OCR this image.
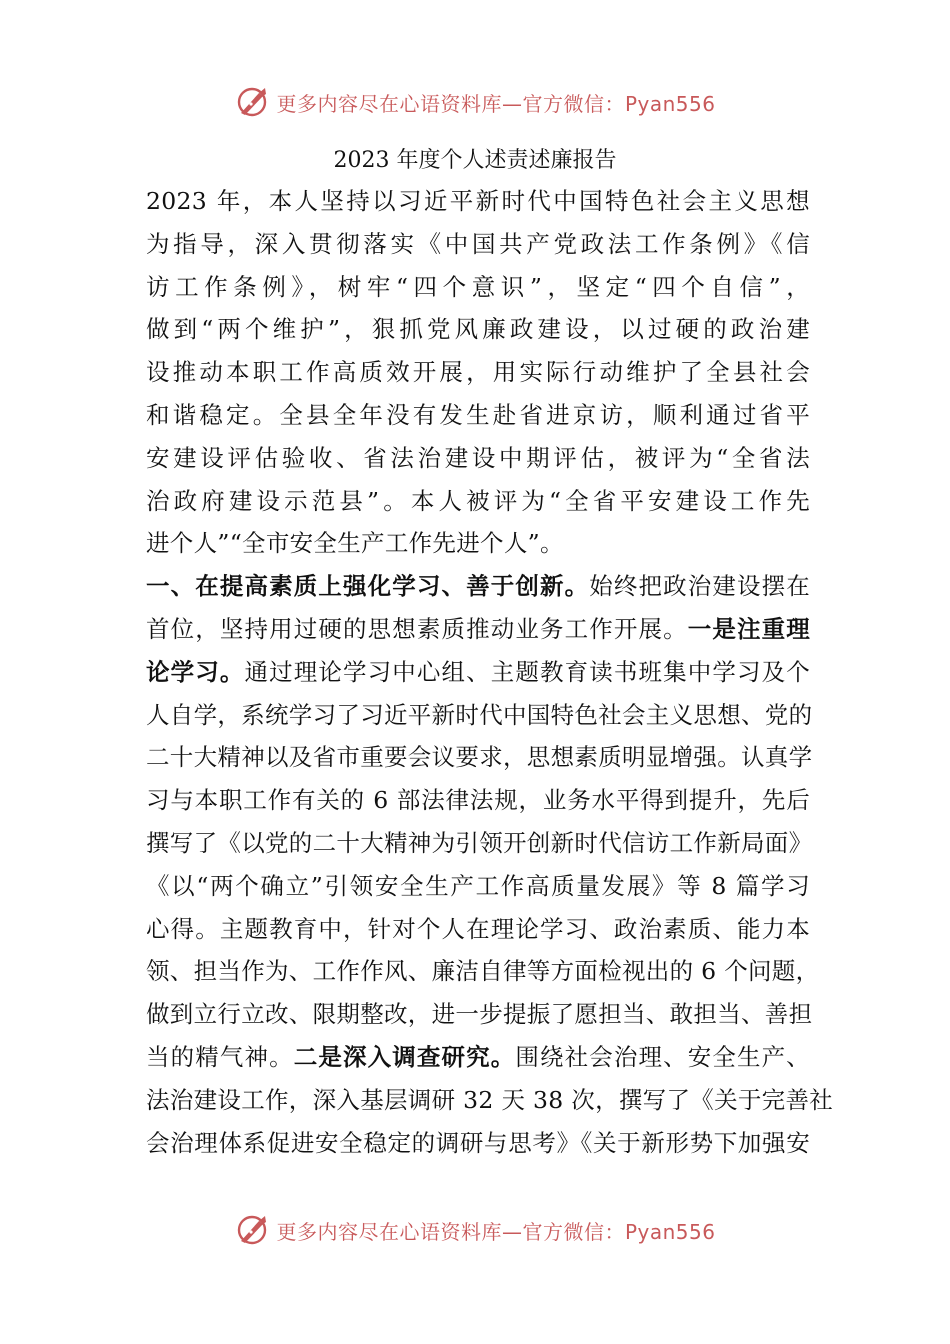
更多内容尽在心语资料库—官方微信：Pyan556
2023 年度个人述责述廉报告
2023 年，本人坚持以习近平新时代中国特色社会主义思想
为指导，深入贯彻落实《中国共产党政法工作条例》《信
访工作条例》，树牢“四个意识”，坚定“四个自信”，
做到“两个维护”，狠抓党风廉政建设，以过硬的政治建
设推动本职工作高质效开展，用实际行动维护了全县社会
和谐稳定。全县全年没有发生赴省进京访，顺利通过省平
安建设评估验收、省法治建设中期评估，被评为“全省法
治政府建设示范县”。本人被评为“全省平安建设工作先
进个人”“全市安全生产工作先进个人”。
一、在提高素质上强化学习、善于创新。始终把政治建设摆在
首位，坚持用过硬的思想素质推动业务工作开展。一是注重理
论学习。通过理论学习中心组、主题教育读书班集中学习及个
人自学，系统学习了习近平新时代中国特色社会主义思想、党的
二十大精神以及省市重要会议要求，思想素质明显增强。认真学
习与本职工作有关的 6 部法律法规，业务水平得到提升，先后
撰写了《以党的二十大精神为引领开创新时代信访工作新局面》
《以“两个确立”引领安全生产工作高质量发展》等 8 篇学习
心得。主题教育中，针对个人在理论学习、政治素质、能力本
领、担当作为、工作作风、廉洁自律等方面检视出的 6 个问题，
做到立行立改、限期整改，进一步提振了愿担当、敢担当、善担
当的精气神。二是深入调查研究。围绕社会治理、安全生产、
法治建设工作，深入基层调研 32 天 38 次，撰写了《关于完善社
会治理体系促进安全稳定的调研与思考》《关于新形势下加强安
更多内容尽在心语资料库—官方微信：Pyan556
